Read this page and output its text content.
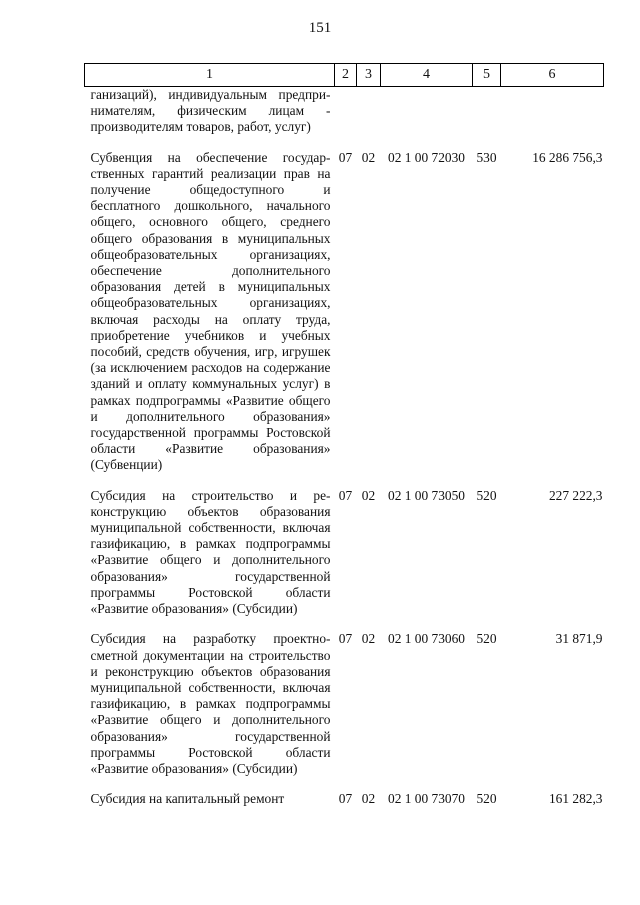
151
1	2	3	4	5	6
ганизаций), индивидуальным предпринимателям, физическим лицам - производителям товаров, работ, услуг)					

Субвенция на обеспечение государственных гарантий реализации прав на получение общедоступного и бесплатного дошкольного, начального общего, основного общего, среднего общего образования в муниципальных общеобразовательных организациях, обеспечение дополнительного образования детей в муниципальных общеобразовательных организациях, включая расходы на оплату труда, приобретение учебников и учебных пособий, средств обучения, игр, игрушек (за исключением расходов на содержание зданий и оплату коммунальных услуг) в рамках подпрограммы «Развитие общего и дополнительного образования» государственной программы Ростовской области «Развитие образования» (Субвенции)	07	02	02 1 00 72030	530	16 286 756,3

Субсидия на строительство и реконструкцию объектов образования муниципальной собственности, включая газификацию, в рамках подпрограммы «Развитие общего и дополнительного образования» государственной программы Ростовской области «Развитие образования» (Субсидии)	07	02	02 1 00 73050	520	227 222,3

Субсидия на разработку проектно-сметной документации на строительство и реконструкцию объектов образования муниципальной собственности, включая газификацию, в рамках подпрограммы «Развитие общего и дополнительного образования» государственной программы Ростовской области «Развитие образования» (Субсидии)	07	02	02 1 00 73060	520	31 871,9

Субсидия на капитальный ремонт	07	02	02 1 00 73070	520	161 282,3
